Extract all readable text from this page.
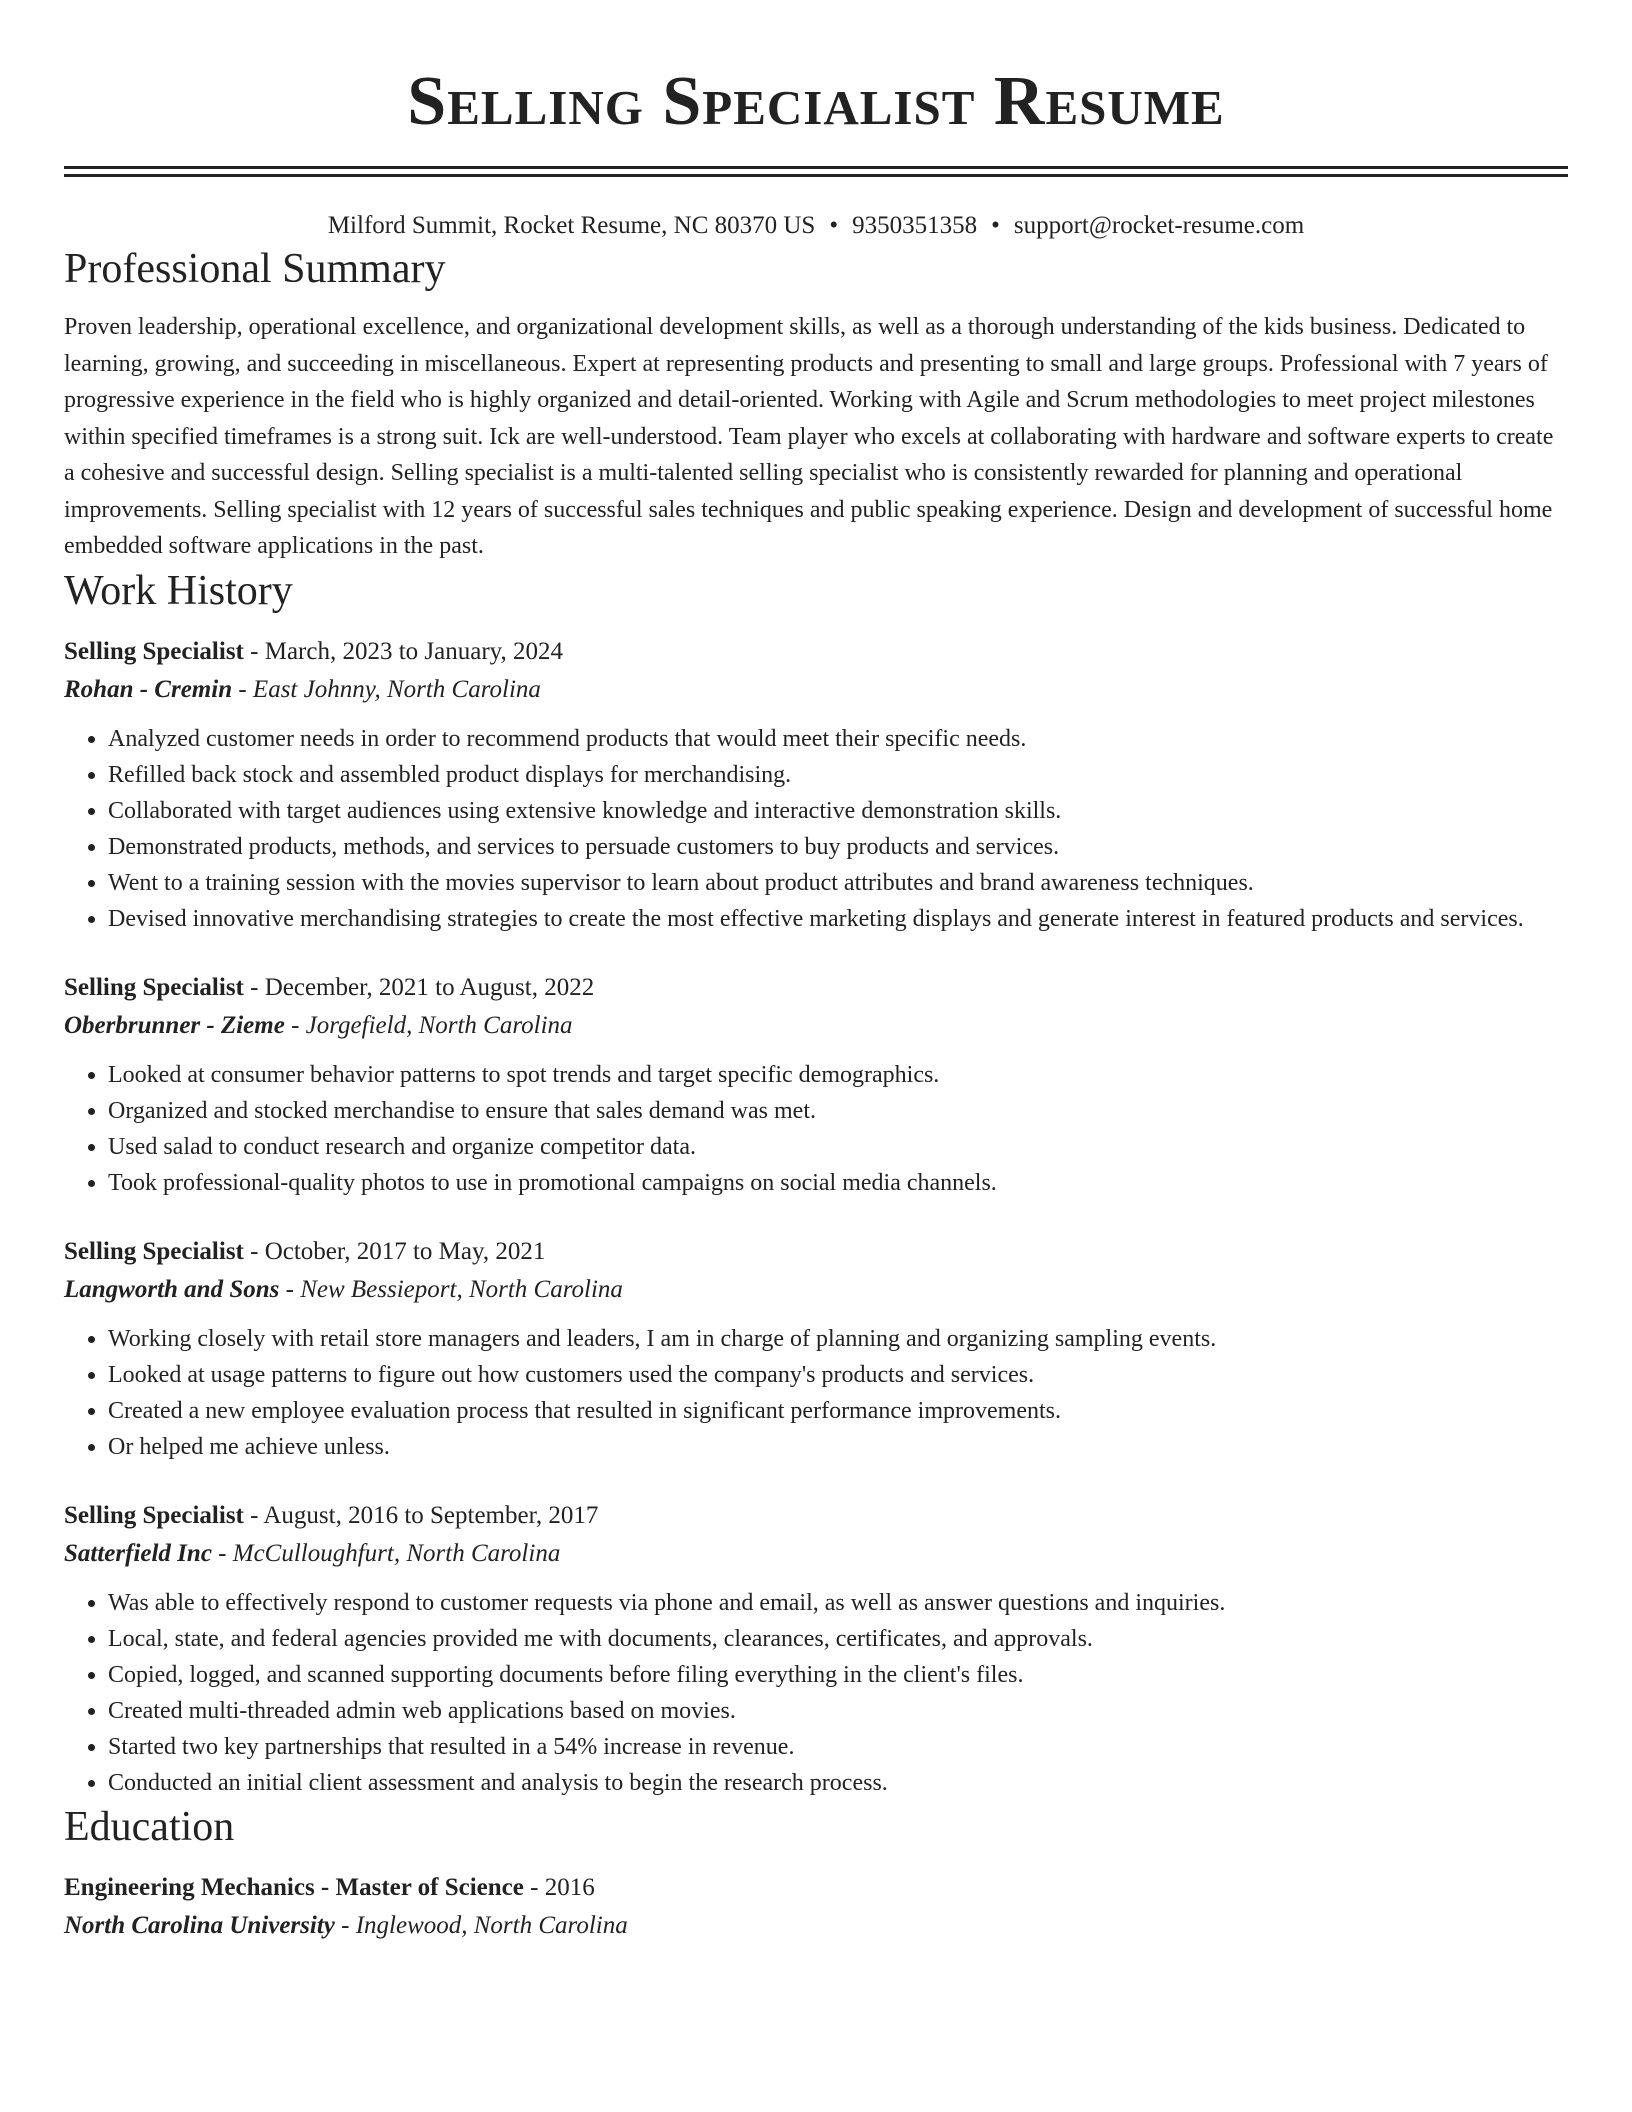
Selling Specialist Resume
Milford Summit, Rocket Resume, NC 80370 US • 9350351358 • support@rocket-resume.com
Professional Summary

Proven leadership, operational excellence, and organizational development skills, as well as a thorough understanding of the kids business. Dedicated to learning, growing, and succeeding in miscellaneous. Expert at representing products and presenting to small and large groups. Professional with 7 years of progressive experience in the field who is highly organized and detail-oriented. Working with Agile and Scrum methodologies to meet project milestones within specified timeframes is a strong suit. Ick are well-understood. Team player who excels at collaborating with hardware and software experts to create a cohesive and successful design. Selling specialist is a multi-talented selling specialist who is consistently rewarded for planning and operational improvements. Selling specialist with 12 years of successful sales techniques and public speaking experience. Design and development of successful home embedded software applications in the past.

Work History
Selling Specialist - March, 2023 to January, 2024
Rohan - Cremin - East Johnny, North Carolina
• Analyzed customer needs in order to recommend products that would meet their specific needs.
• Refilled back stock and assembled product displays for merchandising.
• Collaborated with target audiences using extensive knowledge and interactive demonstration skills.
• Demonstrated products, methods, and services to persuade customers to buy products and services.
• Went to a training session with the movies supervisor to learn about product attributes and brand awareness techniques.
• Devised innovative merchandising strategies to create the most effective marketing displays and generate interest in featured products and services.
Selling Specialist - December, 2021 to August, 2022
Oberbrunner - Zieme - Jorgefield, North Carolina
• Looked at consumer behavior patterns to spot trends and target specific demographics.
• Organized and stocked merchandise to ensure that sales demand was met.
• Used salad to conduct research and organize competitor data.
• Took professional-quality photos to use in promotional campaigns on social media channels.
Selling Specialist - October, 2017 to May, 2021
Langworth and Sons - New Bessieport, North Carolina
• Working closely with retail store managers and leaders, I am in charge of planning and organizing sampling events.
• Looked at usage patterns to figure out how customers used the company's products and services.
• Created a new employee evaluation process that resulted in significant performance improvements.
• Or helped me achieve unless.
Selling Specialist - August, 2016 to September, 2017
Satterfield Inc - McCulloughfurt, North Carolina
• Was able to effectively respond to customer requests via phone and email, as well as answer questions and inquiries.
• Local, state, and federal agencies provided me with documents, clearances, certificates, and approvals.
• Copied, logged, and scanned supporting documents before filing everything in the client's files.
• Created multi-threaded admin web applications based on movies.
• Started two key partnerships that resulted in a 54% increase in revenue.
• Conducted an initial client assessment and analysis to begin the research process.
Education
Engineering Mechanics - Master of Science - 2016
North Carolina University - Inglewood, North Carolina
